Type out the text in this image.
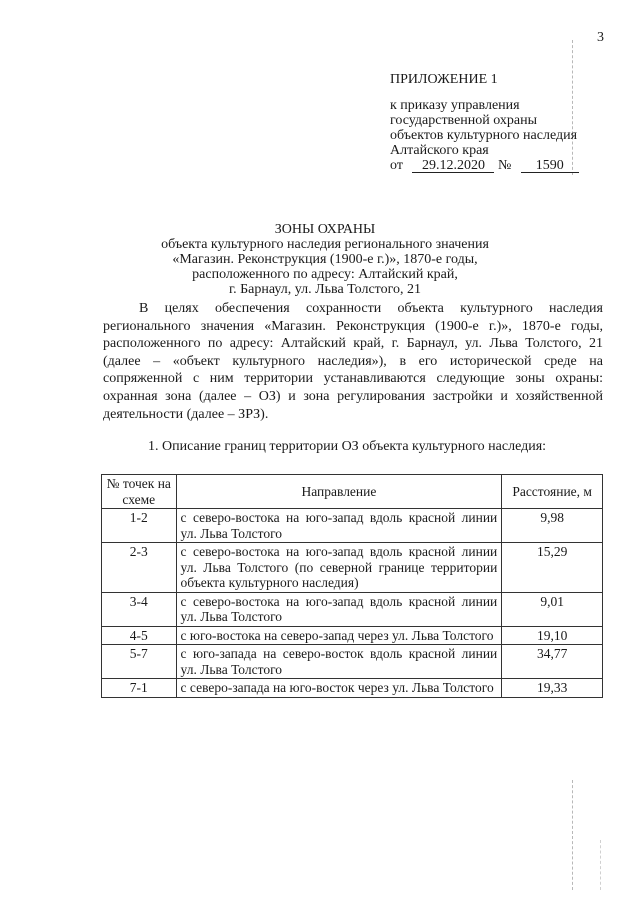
3
ПРИЛОЖЕНИЕ 1
к приказу управления
государственной охраны
объектов культурного наследия
Алтайского края
от 29.12.2020 № 1590
ЗОНЫ ОХРАНЫ
объекта культурного наследия регионального значения
«Магазин. Реконструкция (1900-е г.)», 1870-е годы,
расположенного по адресу: Алтайский край,
г. Барнаул, ул. Льва Толстого, 21

В целях обеспечения сохранности объекта культурного наследия регионального значения «Магазин. Реконструкция (1900-е г.)», 1870-е годы, расположенного по адресу: Алтайский край, г. Барнаул, ул. Льва Толстого, 21 (далее – «объект культурного наследия»), в его исторической среде на сопряженной с ним территории устанавливаются следующие зоны охраны: охранная зона (далее – ОЗ) и зона регулирования застройки и хозяйственной деятельности (далее – ЗРЗ).

1. Описание границ территории ОЗ объекта культурного наследия:

№ точек на схеме	Направление	Расстояние, м
1-2	с северо-востока на юго-запад вдоль красной линии ул. Льва Толстого	9,98
2-3	с северо-востока на юго-запад вдоль красной линии ул. Льва Толстого (по северной границе территории объекта культурного наследия)	15,29
3-4	с северо-востока на юго-запад вдоль красной линии ул. Льва Толстого	9,01
4-5	с юго-востока на северо-запад через ул. Льва Толстого	19,10
5-7	с юго-запада на северо-восток вдоль красной линии ул. Льва Толстого	34,77
7-1	с северо-запада на юго-восток через ул. Льва Толстого	19,33
